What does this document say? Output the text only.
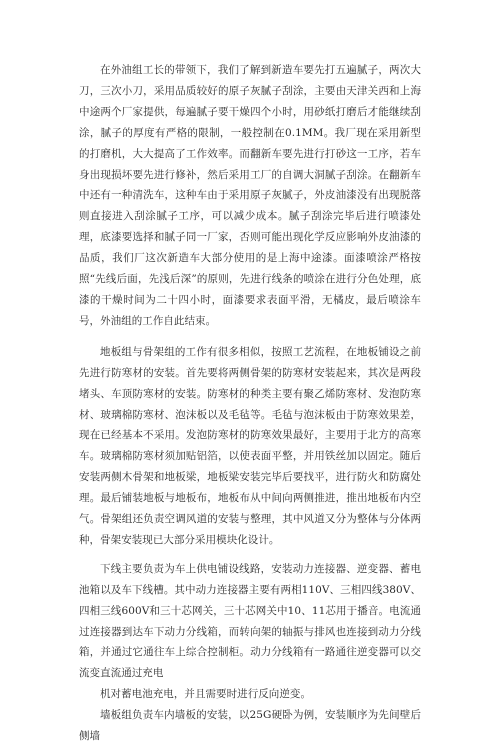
在外油组工长的带领下，我们了解到新造车要先打五遍腻子，两次大刀，三次小刀，采用品质较好的原子灰腻子刮涂，主要由天津关西和上海中途两个厂家提供，每遍腻子要干燥四个小时，用砂纸打磨后才能继续刮涂，腻子的厚度有严格的限制，一般控制在0.1MM。我厂现在采用新型的打磨机，大大提高了工作效率。而翻新车要先进行打砂这一工序，若车身出现损坏要先进行修补，然后采用工厂的自调大洞腻子刮涂。在翻新车中还有一种清洗车，这种车由于采用原子灰腻子，外皮油漆没有出现脱落则直接进入刮涂腻子工序，可以减少成本。腻子刮涂完毕后进行喷漆处理，底漆要选择和腻子同一厂家，否则可能出现化学反应影响外皮油漆的品质，我们厂这次新造车大部分使用的是上海中途漆。面漆喷涂严格按照“先线后面，先浅后深”的原则，先进行线条的喷涂在进行分色处理，底漆的干燥时间为二十四小时，面漆要求表面平滑，无橘皮，最后喷涂车号，外油组的工作自此结束。

地板组与骨架组的工作有很多相似，按照工艺流程，在地板铺设之前先进行防寒材的安装。首先要将两侧骨架的防寒材安装起来，其次是两段堵头、车顶防寒材的安装。防寒材的种类主要有聚乙烯防寒材、发泡防寒材、玻璃棉防寒材、泡沫板以及毛毡等。毛毡与泡沫板由于防寒效果差，现在已经基本不采用。发泡防寒材的防寒效果最好，主要用于北方的高寒车。玻璃棉防寒材须加贴铝箔，以使表面平整，并用铁丝加以固定。随后安装两侧木骨架和地板梁，地板梁安装完毕后要找平，进行防火和防腐处理。最后铺装地板与地板布，地板布从中间向两侧推进，推出地板布内空气。骨架组还负责空调风道的安装与整理，其中风道又分为整体与分体两种，骨架安装现已大部分采用模块化设计。

下线主要负责为车上供电铺设线路，安装动力连接器、逆变器、蓄电池箱以及车下线槽。其中动力连接器主要有两相110V、三相四线380V、四相三线600V和三十芯网关，三十芯网关中10、11芯用于播音。电流通过连接器到达车下动力分线箱，而转向架的轴振与排风也连接到动力分线箱，并通过它通往车上综合控制柜。动力分线箱有一路通往逆变器可以交流变直流通过充电

机对蓄电池充电，并且需要时进行反向逆变。

墙板组负责车内墙板的安装，以25G硬卧为例，安装顺序为先间壁后侧墙
